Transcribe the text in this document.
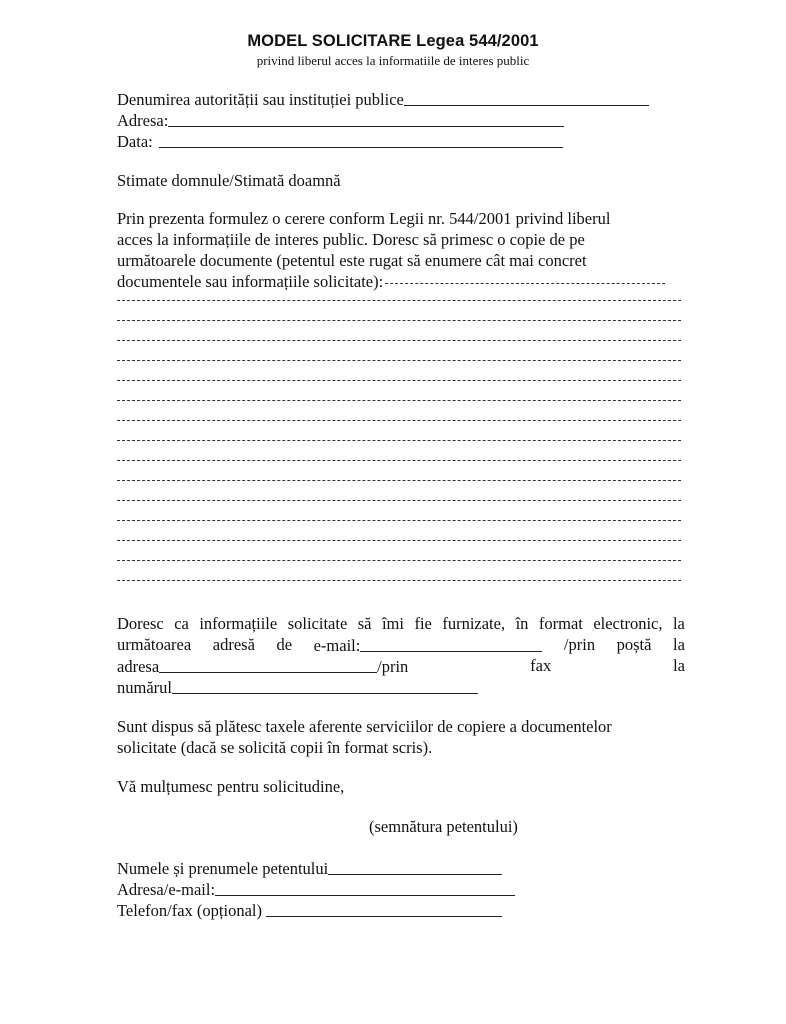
MODEL SOLICITARE Legea 544/2001
privind liberul acces la informatiile de interes public
Denumirea autorității sau instituției publice
Adresa:
Data:
Stimate domnule/Stimată doamnă
Prin prezenta formulez o cerere conform Legii nr. 544/2001 privind liberul
acces la informațiile de interes public. Doresc să primesc o copie de pe
următoarele documente (petentul este rugat să enumere cât mai concret
documentele sau informațiile solicitate):
Doresc ca informațiile solicitate să îmi fie furnizate, în format electronic, la
următoarea adresă de e-mail:	/prin poștă la
adresa	/prin	fax	la
numărul
Sunt dispus să plătesc taxele aferente serviciilor de copiere a documentelor
solicitate (dacă se solicită copii în format scris).
Vă mulțumesc pentru solicitudine,
(semnătura petentului)
Numele și prenumele petentului
Adresa/e-mail:
Telefon/fax (opțional)
